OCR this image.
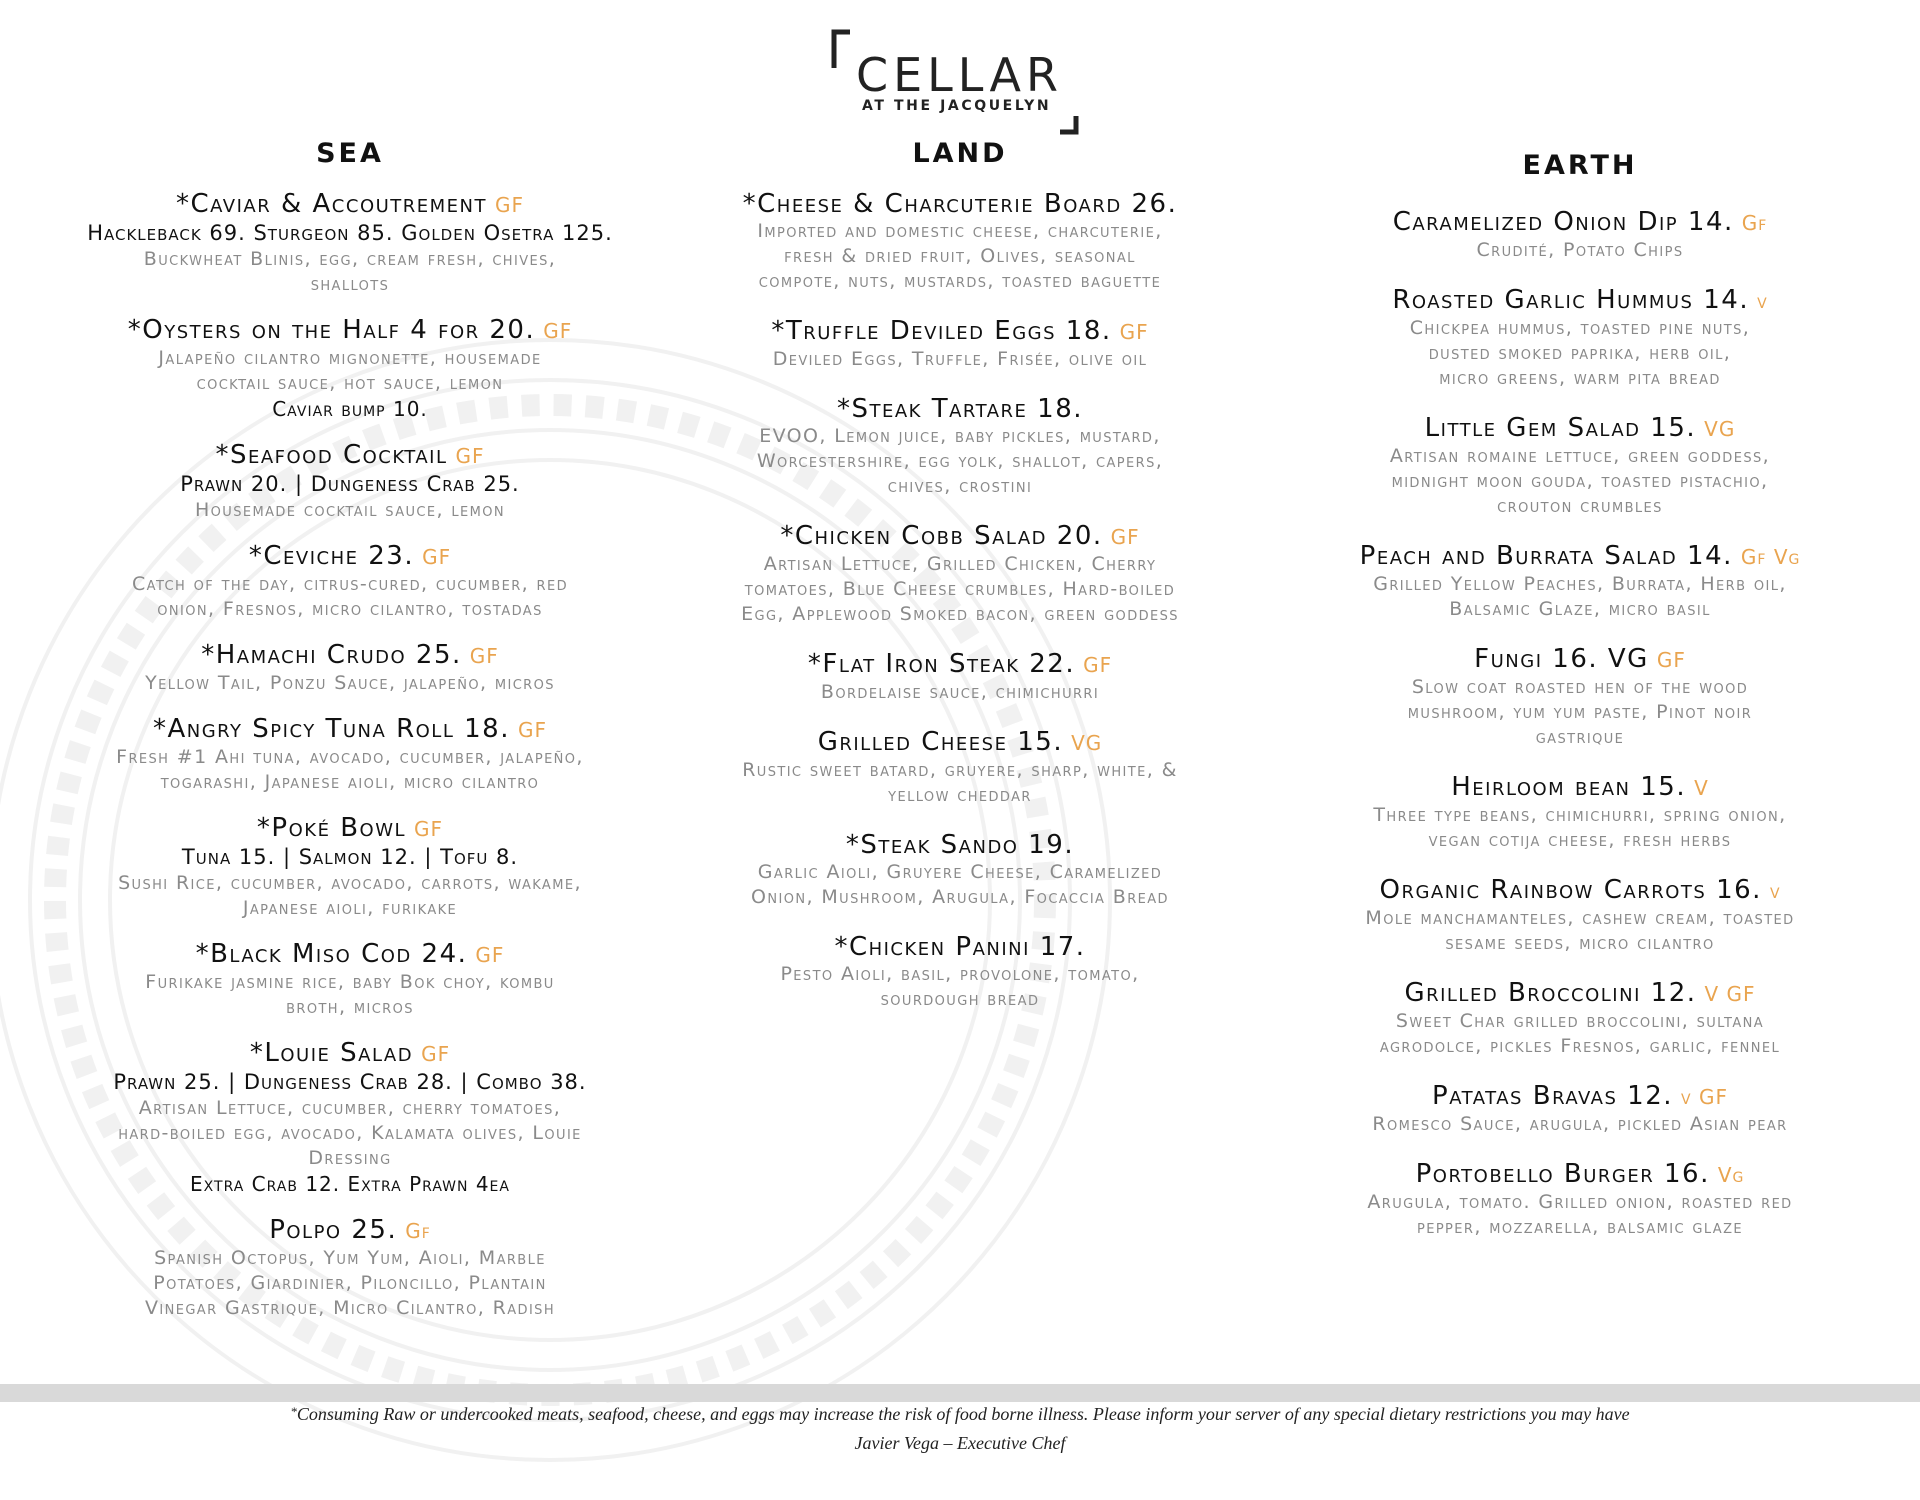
CELLAR
AT THE JACQUELYN
SEA
*Caviar & Accoutrement GF
Hackleback 69. Sturgeon 85. Golden Osetra 125.
Buckwheat Blinis, egg, cream fresh, chives,
shallots
*Oysters on the Half 4 for 20. GF
Jalapeño cilantro mignonette, housemade
cocktail sauce, hot sauce, lemon
Caviar bump 10.
*Seafood Cocktail GF
Prawn 20. | Dungeness Crab 25.
Housemade cocktail sauce, lemon
*Ceviche 23. GF
Catch of the day, citrus-cured, cucumber, red
onion, Fresnos, micro cilantro, tostadas
*Hamachi Crudo 25. GF
Yellow Tail, Ponzu Sauce, jalapeño, micros
*Angry Spicy Tuna Roll 18. GF
Fresh #1 Ahi tuna, avocado, cucumber, jalapeño,
togarashi, Japanese aioli, micro cilantro
*Poké Bowl GF
Tuna 15. | Salmon 12. | Tofu 8.
Sushi Rice, cucumber, avocado, carrots, wakame,
Japanese aioli, furikake
*Black Miso Cod 24. GF
Furikake jasmine rice, baby Bok choy, kombu
broth, micros
*Louie Salad GF
Prawn 25. | Dungeness Crab 28. | Combo 38.
Artisan Lettuce, cucumber, cherry tomatoes,
hard-boiled egg, avocado, Kalamata olives, Louie
Dressing
Extra Crab 12. Extra Prawn 4ea
Polpo 25. Gf
Spanish Octopus, Yum Yum, Aioli, Marble
Potatoes, Giardinier, Piloncillo, Plantain
Vinegar Gastrique, Micro Cilantro, Radish
LAND
*Cheese & Charcuterie Board 26.
Imported and domestic cheese, charcuterie,
fresh & dried fruit, Olives, seasonal
compote, nuts, mustards, toasted baguette
*Truffle Deviled Eggs 18. GF
Deviled Eggs, Truffle, Frisée, olive oil
*Steak Tartare 18.
EVOO, Lemon juice, baby pickles, mustard,
Worcestershire, egg yolk, shallot, capers,
chives, crostini
*Chicken Cobb Salad 20. GF
Artisan Lettuce, Grilled Chicken, Cherry
tomatoes, Blue Cheese crumbles, Hard-boiled
Egg, Applewood Smoked bacon, green goddess
*Flat Iron Steak 22. GF
Bordelaise sauce, chimichurri
Grilled Cheese 15. VG
Rustic sweet batard, gruyere, sharp, white, &
yellow cheddar
*Steak Sando 19.
Garlic Aioli, Gruyere Cheese, Caramelized
Onion, Mushroom, Arugula, Focaccia Bread
*Chicken Panini 17.
Pesto Aioli, basil, provolone, tomato,
sourdough bread
EARTH
Caramelized Onion Dip 14. Gf
Crudité, Potato Chips
Roasted Garlic Hummus 14. v
Chickpea hummus, toasted pine nuts,
dusted smoked paprika, herb oil,
micro greens, warm pita bread
Little Gem Salad 15. VG
Artisan romaine lettuce, green goddess,
midnight moon gouda, toasted pistachio,
crouton crumbles
Peach and Burrata Salad 14. Gf Vg
Grilled Yellow Peaches, Burrata, Herb oil,
Balsamic Glaze, micro basil
Fungi 16. VG GF
Slow coat roasted hen of the wood
mushroom, yum yum paste, Pinot noir
gastrique
Heirloom bean 15. V
Three type beans, chimichurri, spring onion,
vegan cotija cheese, fresh herbs
Organic Rainbow Carrots 16. v
Mole manchamanteles, cashew cream, toasted
sesame seeds, micro cilantro
Grilled Broccolini 12. V GF
Sweet Char grilled broccolini, sultana
agrodolce, pickles Fresnos, garlic, fennel
Patatas Bravas 12. v GF
Romesco Sauce, arugula, pickled Asian pear
Portobello Burger 16. Vg
Arugula, tomato. Grilled onion, roasted red
pepper, mozzarella, balsamic glaze
*Consuming Raw or undercooked meats, seafood, cheese, and eggs may increase the risk of food borne illness. Please inform your server of any special dietary restrictions you may have
Javier Vega – Executive Chef
